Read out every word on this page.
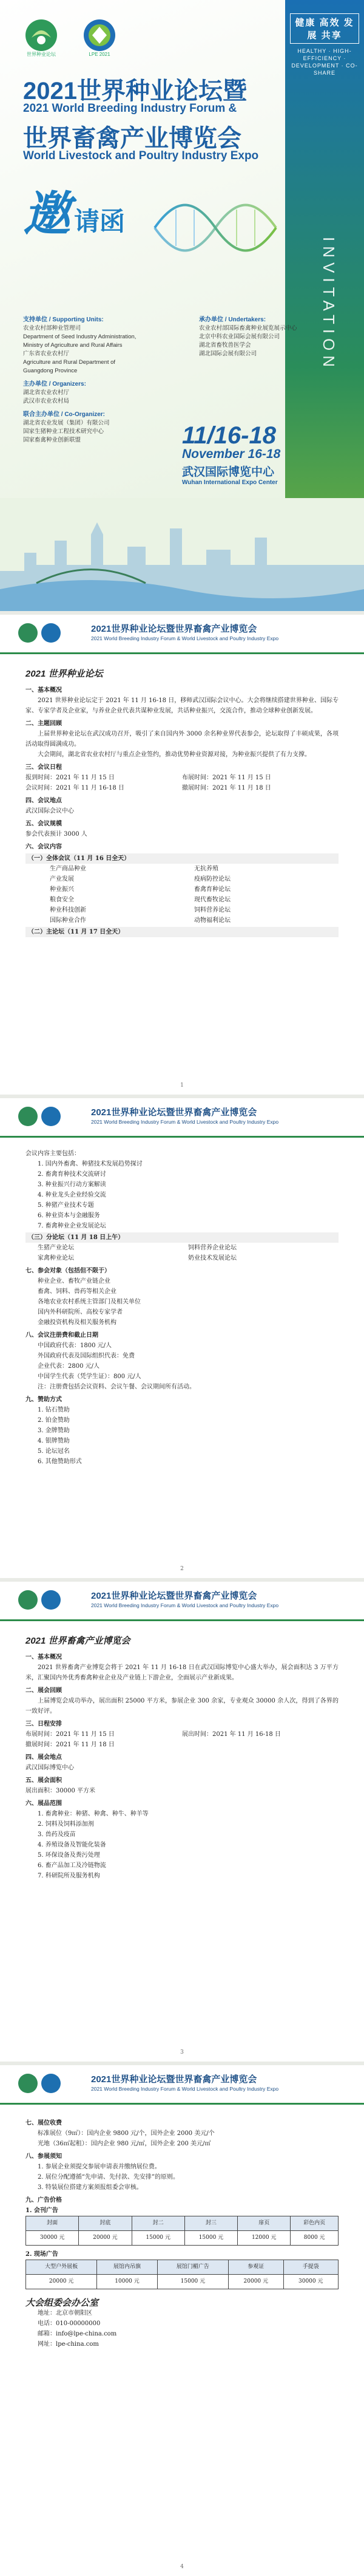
健康 高效 发展 共享
HEALTHY · HIGH-EFFICIENCY · DEVELOPMENT · CO-SHARE
INVITATION
世界种业论坛	LPE 2021
2021世界种业论坛暨
2021 World Breeding Industry Forum &
世界畜禽产业博览会
World Livestock and Poultry Industry Expo
邀请函
支持单位 / Supporting Units:
农业农村部种业管理司
Department of Seed Industry Administration,
Ministry of Agriculture and Rural Affairs
广东省农业农村厅
Agriculture and Rural Department of
Guangdong Province
主办单位 / Organizers:
湖北省农业农村厅
武汉市农业农村局
联合主办单位 / Co-Organizer:
湖北省农业发展（集团）有限公司
国家生猪种业工程技术研究中心
国家畜禽种业创新联盟
承办单位 / Undertakers:
农业农村部国际畜禽种业展览展示中心
北京中科农业国际会展有限公司
湖北省畜牧兽医学会
湖北国际会展有限公司
11/16-18
November 16-18
武汉国际博览中心
Wuhan International Expo Center
2021世界种业论坛暨世界畜禽产业博览会
2021 World Breeding Industry Forum & World Livestock and Poultry Industry Expo
2021 世界种业论坛
一、基本概况
2021 世界种业论坛定于 2021 年 11 月 16-18 日，移师武汉国际会议中心。大会将继续搭建世界种业、国际专家、专家学者及企业家，与养业企业代表共谋种业发展，共话种业振兴，交流合作，推动全球种业创新发展。
二、主题回顾
上届世界种业论坛在武汉成功召开，吸引了来自国内外 3000 余名种业界代表参会，论坛取得了丰硕成果，各项活动取得圆满成功。
大会期间，湖北省农业农村厅与重点企业签约，推动优势种业资源对接，为种业振兴提供了有力支撑。
三、会议日程
报到时间：2021 年 11 月 15 日	布展时间：2021 年 11 月 15 日
会议时间：2021 年 11 月 16-18 日	撤展时间：2021 年 11 月 18 日
四、会议地点
武汉国际会议中心
五、会议规模
参会代表预计 3000 人
六、会议内容
（一）全体会议（11 月 16 日全天）
生产商品种业	无抗养殖
产业发展	疫病防控论坛
种业振兴	畜禽育种论坛
粮食安全	现代畜牧论坛
种业科技创新	饲料营养论坛
国际种业合作	动物福利论坛
（二）主论坛（11 月 17 日全天）
1
2021世界种业论坛暨世界畜禽产业博览会
2021 World Breeding Industry Forum & World Livestock and Poultry Industry Expo
会议内容主要包括：
1. 国内外畜禽、种猪技术发展趋势探讨
2. 畜禽育种技术交流研讨
3. 种业振兴行动方案解读
4. 种业龙头企业经验交流
5. 种猪产业技术专题
6. 种业资本与金融服务
7. 畜禽种业企业发展论坛
（三）分论坛（11 月 18 日上午）
生猪产业论坛	饲料营养企业论坛
家禽种业论坛	奶业技术发展论坛
七、参会对象（包括但不限于）
种业企业、畜牧产业链企业
畜禽、饲料、兽药等相关企业
各地农业农村系统主管部门及相关单位
国内外科研院所、高校专家学者
金融投资机构及相关服务机构
八、会议注册费和截止日期
中国政府代表：1800 元/人
外国政府代表及国际组织代表：免费
企业代表：2800 元/人
中国学生代表（凭学生证）：800 元/人
注：注册费包括会议资料、会议午餐、会议期间所有活动。
九、赞助方式
1. 钻石赞助
2. 铂金赞助
3. 金牌赞助
4. 银牌赞助
5. 论坛冠名
6. 其他赞助形式
2
2021世界种业论坛暨世界畜禽产业博览会
2021 World Breeding Industry Forum & World Livestock and Poultry Industry Expo
2021 世界畜禽产业博览会
一、基本概况
2021 世界畜禽产业博览会将于 2021 年 11 月 16-18 日在武汉国际博览中心盛大举办，展会面积达 3 万平方米，汇聚国内外优秀畜禽种业企业及产业链上下游企业，全面展示产业新成果。
二、展会回顾
上届博览会成功举办，展出面积 25000 平方米，参展企业 300 余家，专业观众 30000 余人次，得到了各界的一致好评。
三、日程安排
布展时间：2021 年 11 月 15 日	展出时间：2021 年 11 月 16-18 日
撤展时间：2021 年 11 月 18 日
四、展会地点
武汉国际博览中心
五、展会面积
展出面积：30000 平方米
六、展品范围
1. 畜禽种业：种猪、种禽、种牛、种羊等
2. 饲料及饲料添加剂
3. 兽药及疫苗
4. 养殖设备及智能化装备
5. 环保设备及粪污处理
6. 畜产品加工及冷链物流
7. 科研院所及服务机构
3
2021世界种业论坛暨世界畜禽产业博览会
2021 World Breeding Industry Forum & World Livestock and Poultry Industry Expo
七、展位收费
标准展位（9㎡）：国内企业 9800 元/个，国外企业 2000 美元/个
光地（36㎡起租）：国内企业 980 元/㎡，国外企业 200 美元/㎡
八、参展须知
1. 参展企业须提交参展申请表并缴纳展位费。
2. 展位分配遵循“先申请、先付款、先安排”的原则。
3. 特装展位搭建方案须报组委会审核。
九、广告价格
1. 会刊广告
封面	封底	封二	封三	扉页	彩色内页
30000 元	20000 元	15000 元	15000 元	12000 元	8000 元
2. 现场广告
大型户外展板	展馆内吊旗	展馆门楣广告	参观证	手提袋
20000 元	10000 元	15000 元	20000 元	30000 元
大会组委会办公室
地址：北京市朝阳区
电话：010-00000000
邮箱：info@lpe-china.com
网址：lpe-china.com
4
